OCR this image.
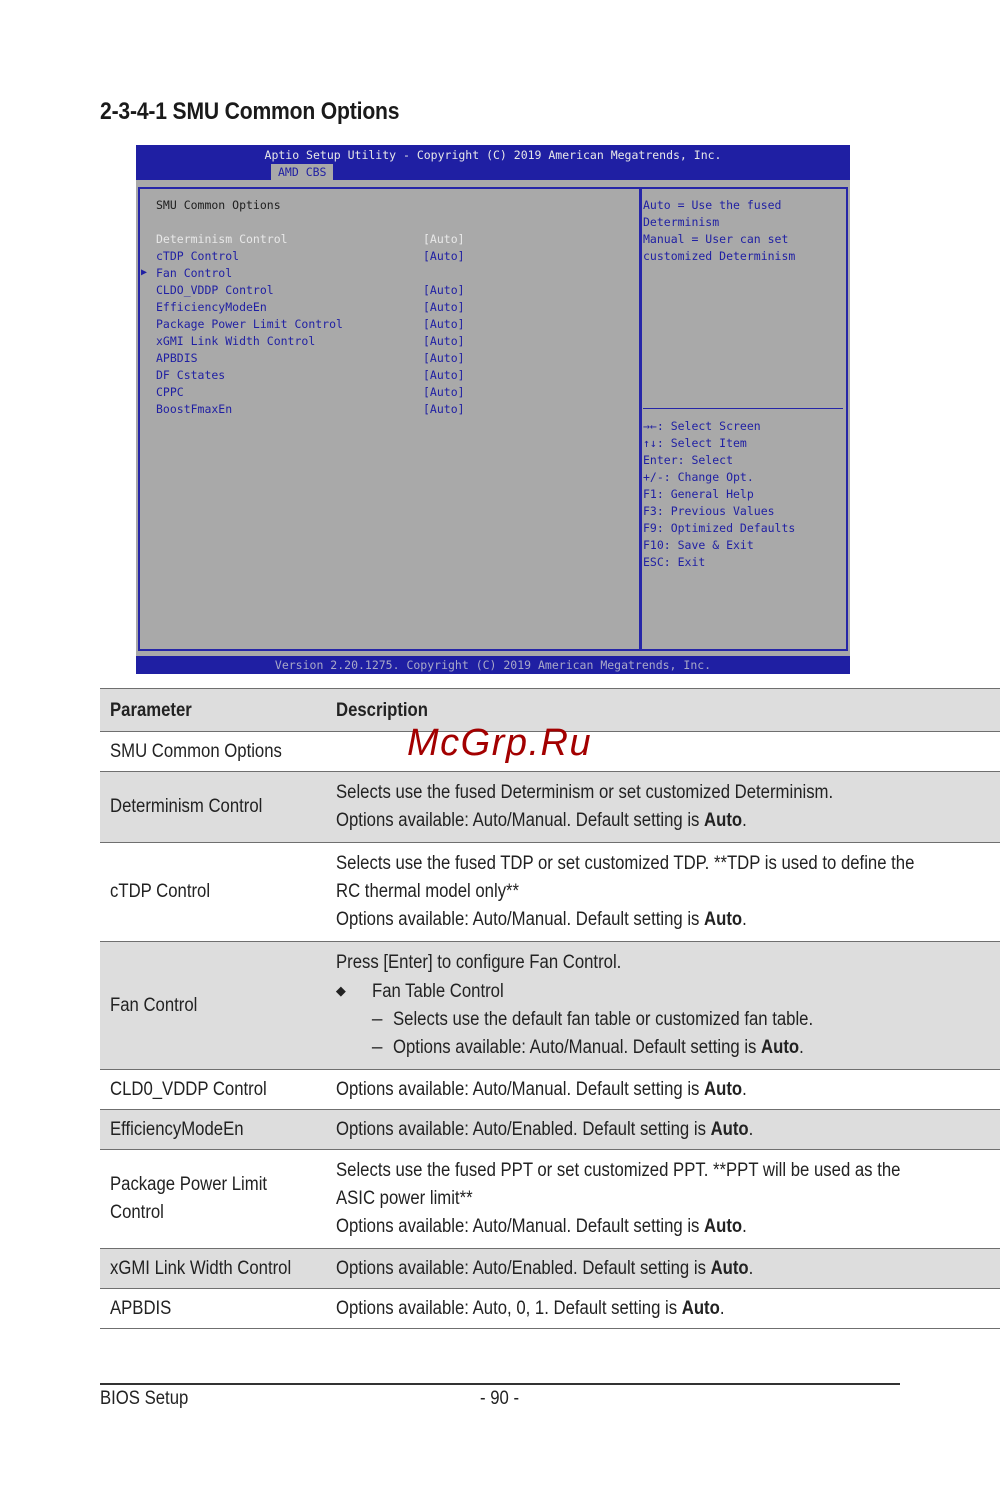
2-3-4-1 SMU Common Options
Aptio Setup Utility - Copyright (C) 2019 American Megatrends, Inc.
AMD CBS
SMU Common Options
Determinism Control	[Auto]
cTDP Control	[Auto]
▶ Fan Control
CLDO_VDDP Control	[Auto]
EfficiencyModeEn	[Auto]
Package Power Limit Control	[Auto]
xGMI Link Width Control	[Auto]
APBDIS	[Auto]
DF Cstates	[Auto]
CPPC	[Auto]
BoostFmaxEn	[Auto]
Auto = Use the fused
Determinism
Manual = User can set
customized Determinism
→←: Select Screen
↑↓: Select Item
Enter: Select
+/-: Change Opt.
F1: General Help
F3: Previous Values
F9: Optimized Defaults
F10: Save & Exit
ESC: Exit
Version 2.20.1275. Copyright (C) 2019 American Megatrends, Inc.
Parameter	Description
SMU Common Options	
Determinism Control	Selects use the fused Determinism or set customized Determinism.
Options available: Auto/Manual. Default setting is Auto.

cTDP Control	Selects use the fused TDP or set customized TDP. **TDP is used to define the
RC thermal model only**
Options available: Auto/Manual. Default setting is Auto.

Fan Control	Press [Enter] to configure Fan Control.
◆ Fan Table Control
– Selects use the default fan table or customized fan table.
– Options available: Auto/Manual. Default setting is Auto.

CLD0_VDDP Control	Options available: Auto/Manual. Default setting is Auto.
EfficiencyModeEn	Options available: Auto/Enabled. Default setting is Auto.

Package Power Limit
Control	Selects use the fused PPT or set customized PPT. **PPT will be used as the
ASIC power limit**
Options available: Auto/Manual. Default setting is Auto.

xGMI Link Width Control	Options available: Auto/Enabled. Default setting is Auto.
APBDIS	Options available: Auto, 0, 1. Default setting is Auto.
McGrp.Ru
BIOS Setup	- 90 -
